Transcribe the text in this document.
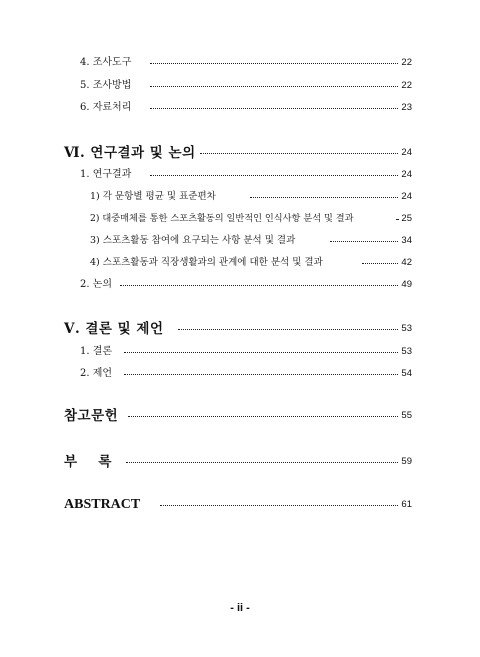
4. 조사도구	22
5. 조사방법	22
6. 자료처리	23
Ⅵ. 연구결과 및 논의	24
1. 연구결과	24
1) 각 문항별 평균 및 표준편차	24
2) 대중매체를 통한 스포츠활동의 일반적인 인식사항 분석 및 결과	25
3) 스포츠활동 참여에 요구되는 사항 분석 및 결과	34
4) 스포츠활동과 직장생활과의 관계에 대한 분석 및 결과	42
2. 논의	49
Ⅴ. 결론 및 제언	53
1. 결론	53
2. 제언	54
참고문헌	55
부    록	59
ABSTRACT	61
- ii -
